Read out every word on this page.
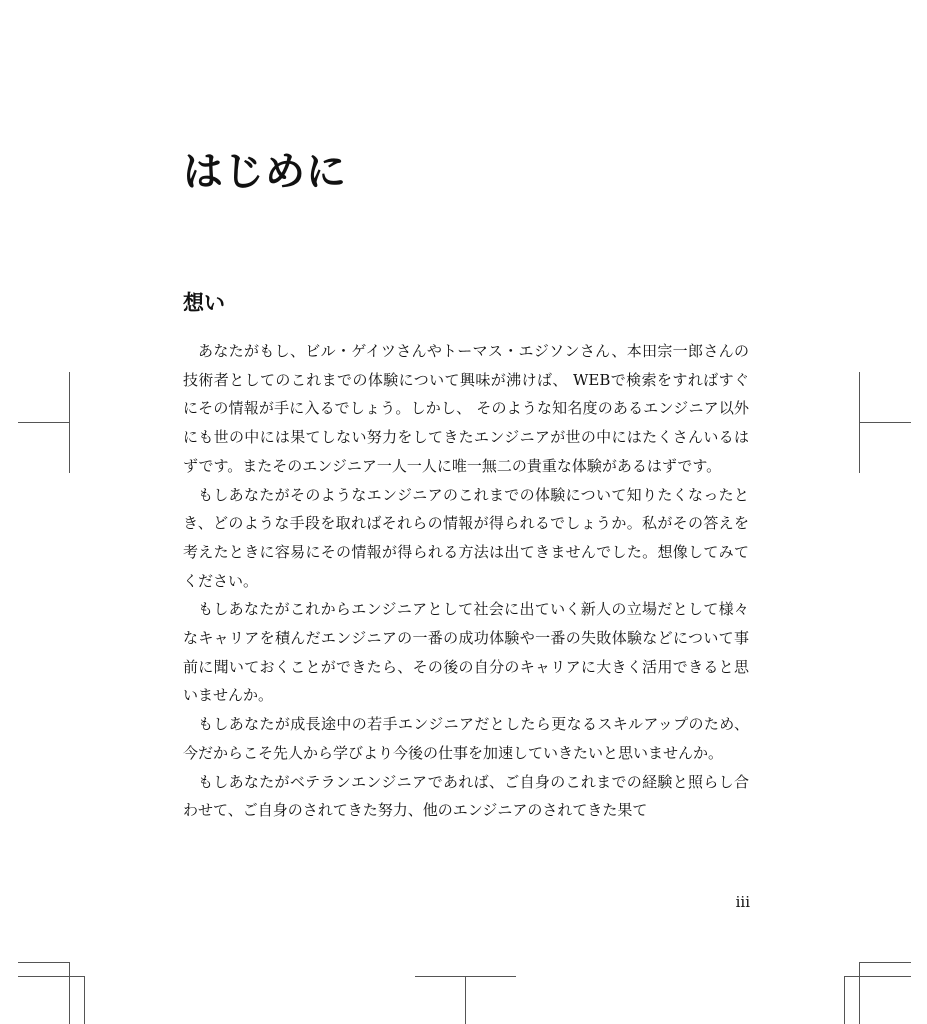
はじめに
想い

あなたがもし、ビル・ゲイツさんやトーマス・エジソンさん、本田宗一郎さんの技術者としてのこれまでの体験について興味が沸けば、 WEBで検索をすればすぐにその情報が手に入るでしょう。しかし、 そのような知名度のあるエンジニア以外にも世の中には果てしない努力をしてきたエンジニアが世の中にはたくさんいるはずです。またそのエンジニア一人一人に唯一無二の貴重な体験があるはずです。

もしあなたがそのようなエンジニアのこれまでの体験について知りたくなったとき、どのような手段を取ればそれらの情報が得られるでしょうか。私がその答えを考えたときに容易にその情報が得られる方法は出てきませんでした。想像してみてください。

もしあなたがこれからエンジニアとして社会に出ていく新人の立場だとして様々なキャリアを積んだエンジニアの一番の成功体験や一番の失敗体験などについて事前に聞いておくことができたら、その後の自分のキャリアに大きく活用できると思いませんか。

もしあなたが成長途中の若手エンジニアだとしたら更なるスキルアップのため、今だからこそ先人から学びより今後の仕事を加速していきたいと思いませんか。

もしあなたがベテランエンジニアであれば、ご自身のこれまでの経験と照らし合わせて、ご自身のされてきた努力、他のエンジニアのされてきた果て

iii
